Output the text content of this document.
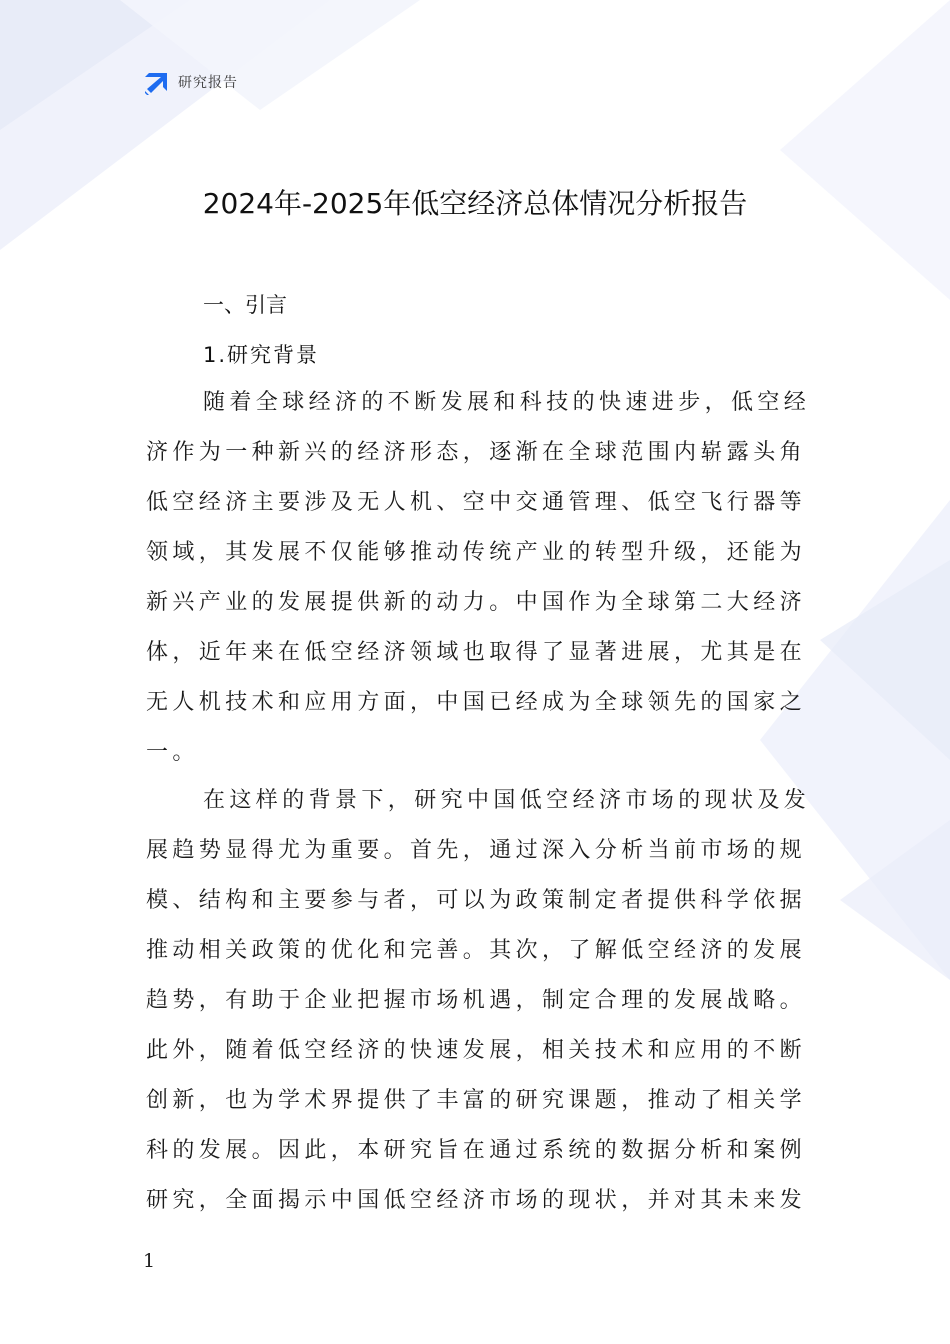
研究报告
2024年-2025年低空经济总体情况分析报告
一、引言
1.研究背景
随着全球经济的不断发展和科技的快速进步，低空经
济作为一种新兴的经济形态，逐渐在全球范围内崭露头角
低空经济主要涉及无人机、空中交通管理、低空飞行器等
领域，其发展不仅能够推动传统产业的转型升级，还能为
新兴产业的发展提供新的动力。中国作为全球第二大经济
体，近年来在低空经济领域也取得了显著进展，尤其是在
无人机技术和应用方面，中国已经成为全球领先的国家之
一。
在这样的背景下，研究中国低空经济市场的现状及发
展趋势显得尤为重要。首先，通过深入分析当前市场的规
模、结构和主要参与者，可以为政策制定者提供科学依据
推动相关政策的优化和完善。其次，了解低空经济的发展
趋势，有助于企业把握市场机遇，制定合理的发展战略。
此外，随着低空经济的快速发展，相关技术和应用的不断
创新，也为学术界提供了丰富的研究课题，推动了相关学
科的发展。因此，本研究旨在通过系统的数据分析和案例
研究，全面揭示中国低空经济市场的现状，并对其未来发
1
